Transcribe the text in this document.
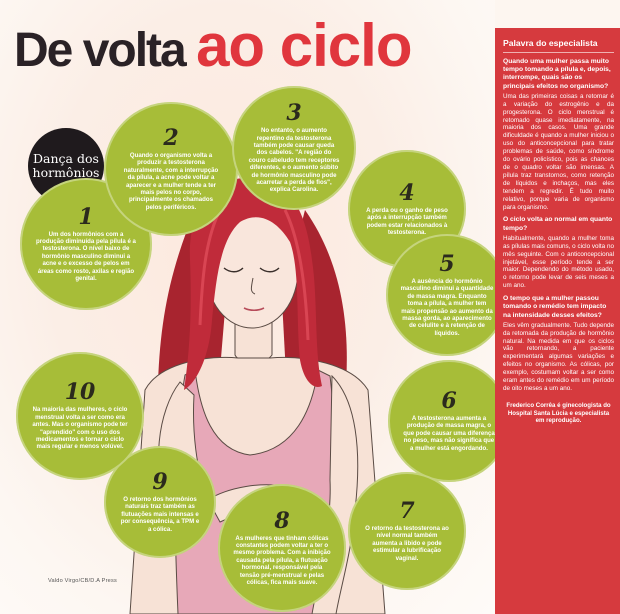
De volta ao ciclo
Dança dos
hormônios
1
Um dos hormônios com a produção diminuída pela pílula é a testosterona. O nível baixo de hormônio masculino diminui a acne e o excesso de pelos em áreas como rosto, axilas e região genital.
2
Quando o organismo volta a produzir a testosterona naturalmente, com a interrupção da pílula, a acne pode voltar a aparecer e a mulher tende a ter mais pelos no corpo, principalmente os chamados pelos periféricos.
3
No entanto, o aumento repentino da testosterona também pode causar queda dos cabelos. "A região do couro cabeludo tem receptores diferentes, e o aumento súbito de hormônio masculino pode acarretar a perda de fios", explica Carolina.	4
A perda ou o ganho de peso após a interrupção também podem estar relacionados à testosterona.
5
A ausência do hormônio masculino diminui a quantidade de massa magra. Enquanto toma a pílula, a mulher tem mais propensão ao aumento da massa gorda, ao aparecimento de celulite e à retenção de líquidos.
6
A testosterona aumenta a produção de massa magra, o que pode causar uma diferença no peso, mas não significa que a mulher está engordando.
7
O retorno da testosterona ao nível normal também aumenta a libido e pode estimular a lubrificação vaginal.
8
As mulheres que tinham cólicas constantes podem voltar a ter o mesmo problema. Com a inibição causada pela pílula, a flutuação hormonal, responsável pela tensão pré-menstrual e pelas cólicas, fica mais suave.
9
O retorno dos hormônios naturais traz também as flutuações mais intensas e por consequência, a TPM e a cólica.
10
Na maioria das mulheres, o ciclo menstrual volta a ser como era antes. Mas o organismo pode ter "aprendido" com o uso dos medicamentos e tornar o ciclo mais regular e menos volúvel.
Valdo Virgo/CB/D.A Press
Palavra do especialista
Quando uma mulher passa muito tempo tomando a pílula e, depois, interrompe, quais são os principais efeitos no organismo?
Uma das primeiras coisas a retornar é a variação do estrogênio e da progesterona. O ciclo menstrual é retomado quase imediatamente, na maioria dos casos. Uma grande dificuldade é quando a mulher iniciou o uso do anticoncepcional para tratar problemas de saúde, como síndrome do ovário policístico, pois as chances de o quadro voltar são imensas. A pílula traz transtornos, como retenção de líquidos e inchaços, mas eles tendem a regredir. É tudo muito relativo, porque varia de organismo para organismo.
O ciclo volta ao normal em quanto tempo?
Habitualmente, quando a mulher toma as pílulas mais comuns, o ciclo volta no mês seguinte. Com o anticoncepcional injetável, esse período tende a ser maior. Dependendo do método usado, o retorno pode levar de seis meses a um ano.
O tempo que a mulher passou tomando o remédio tem impacto na intensidade desses efeitos?
Eles vêm gradualmente. Tudo depende da retomada da produção de hormônio natural. Na medida em que os ciclos vão retornando, a paciente experimentará algumas variações e efeitos no organismo. As cólicas, por exemplo, costumam voltar a ser como eram antes do remédio em um período de oito meses a um ano.
Frederico Corrêa é ginecologista do Hospital Santa Lúcia e especialista em reprodução.
